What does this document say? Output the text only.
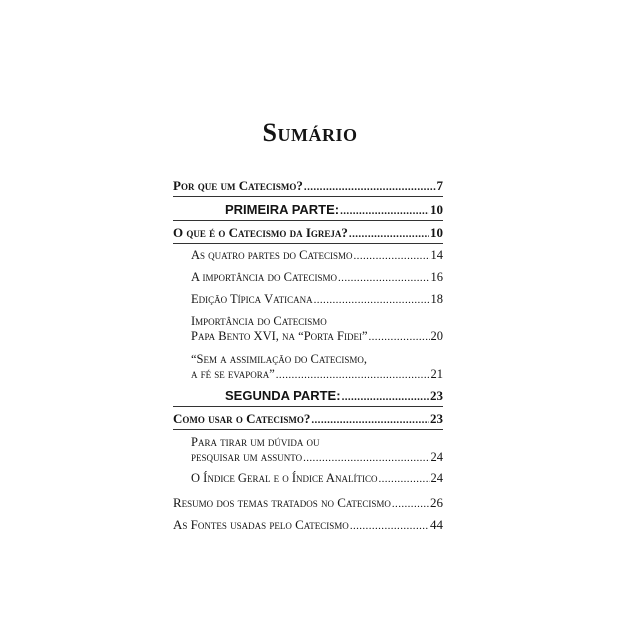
Sumário
Por que um Catecismo? .....	7
PRIMEIRA PARTE: .....	10
O que é o Catecismo da Igreja? .....	10
As quatro partes do Catecismo .....	14
A importância do Catecismo .....	16
Edição Típica Vaticana .....	18
Importância do Catecismo
Papa Bento XVI, na “Porta Fidei” .....	20
“Sem a assimilação do Catecismo,
a fé se evapora” .....	21
SEGUNDA PARTE: .....	23
Como usar o Catecismo? .....	23
Para tirar um dúvida ou
pesquisar um assunto .....	24
O Índice Geral e o Índice Analítico .....	24
Resumo dos temas tratados no Catecismo .....	26
As Fontes usadas pelo Catecismo .....	44
